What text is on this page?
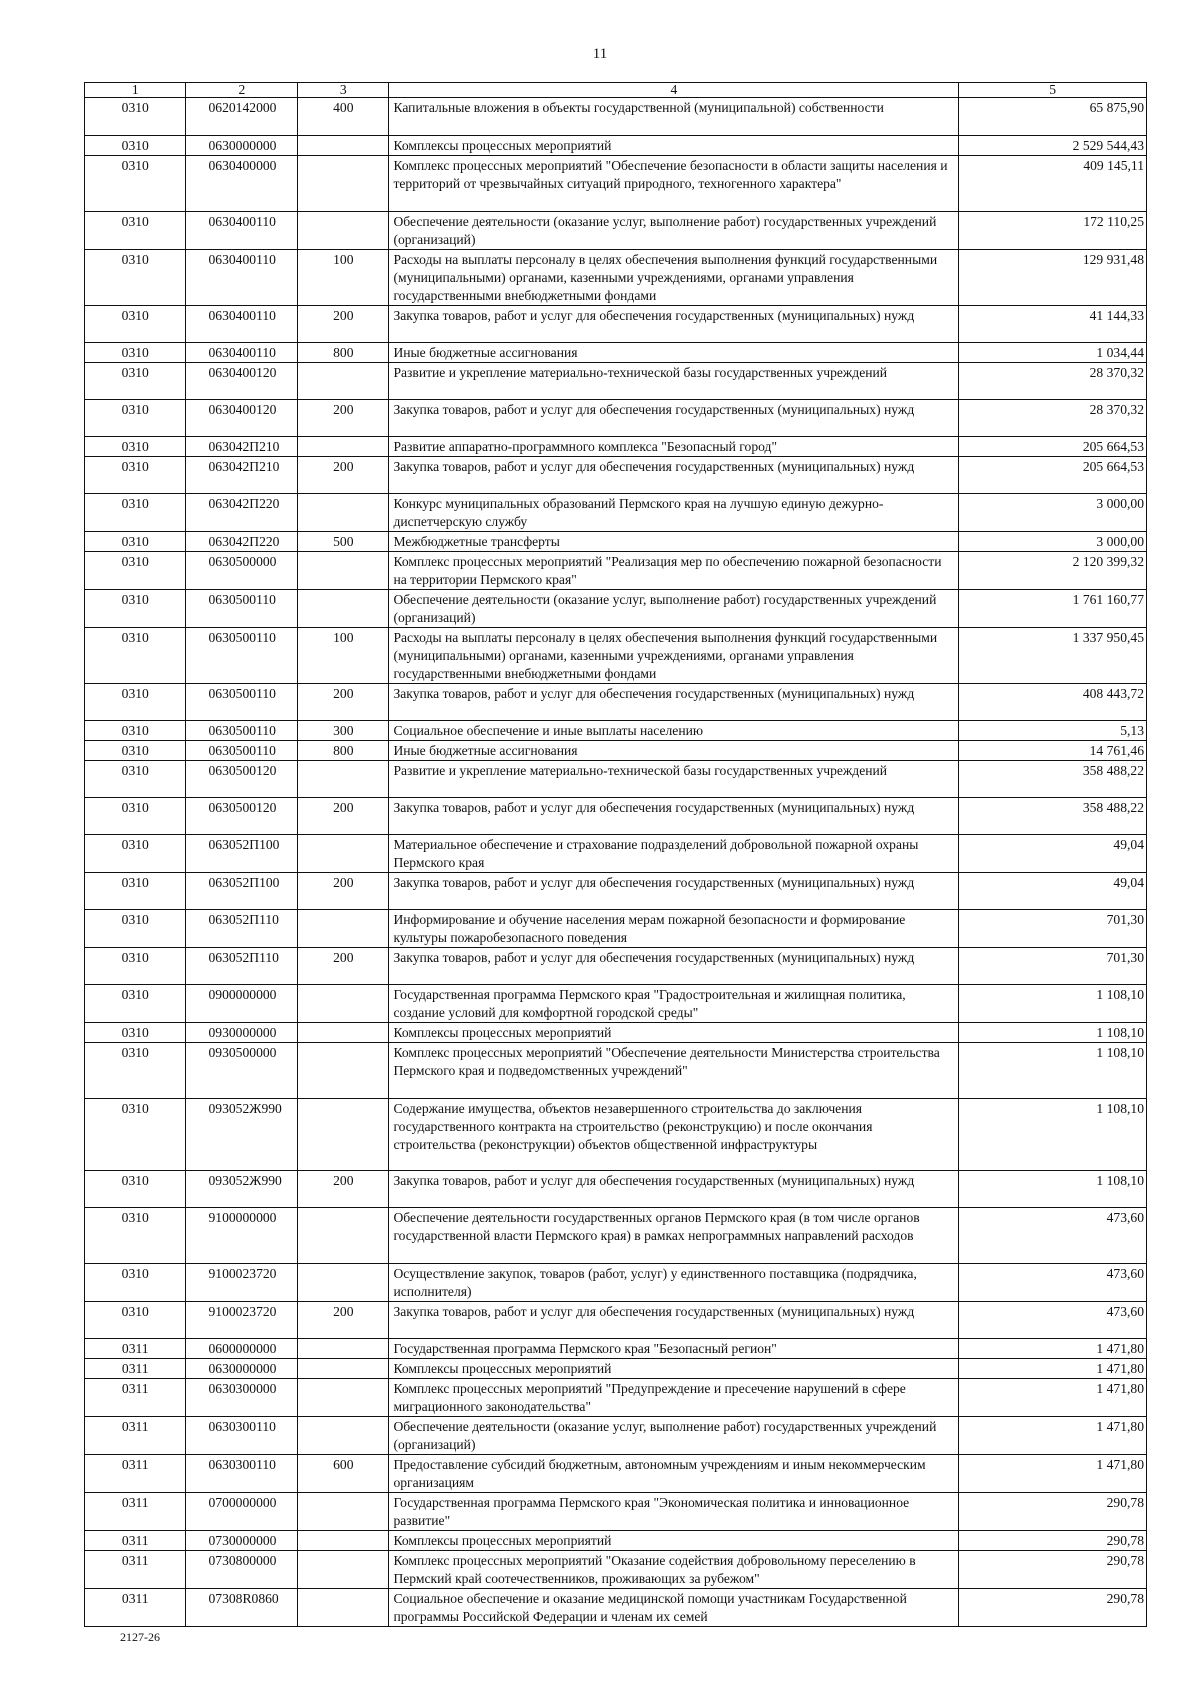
11
1	2	3	4	5
0310	0620142000	400	Капитальные вложения в объекты государственной (муниципальной) собственности	65 875,90
0310	0630000000		Комплексы процессных мероприятий	2 529 544,43
0310	0630400000		Комплекс процессных мероприятий "Обеспечение безопасности в области защиты населения и территорий от чрезвычайных ситуаций природного, техногенного характера"	409 145,11
0310	0630400110		Обеспечение деятельности (оказание услуг, выполнение работ) государственных учреждений (организаций)	172 110,25
0310	0630400110	100	Расходы на выплаты персоналу в целях обеспечения выполнения функций государственными (муниципальными) органами, казенными учреждениями, органами управления государственными внебюджетными фондами	129 931,48
0310	0630400110	200	Закупка товаров, работ и услуг для обеспечения государственных (муниципальных) нужд	41 144,33
0310	0630400110	800	Иные бюджетные ассигнования	1 034,44
0310	0630400120		Развитие и укрепление материально-технической базы государственных учреждений	28 370,32
0310	0630400120	200	Закупка товаров, работ и услуг для обеспечения государственных (муниципальных) нужд	28 370,32
0310	063042П210		Развитие аппаратно-программного комплекса "Безопасный город"	205 664,53
0310	063042П210	200	Закупка товаров, работ и услуг для обеспечения государственных (муниципальных) нужд	205 664,53
0310	063042П220		Конкурс муниципальных образований Пермского края на лучшую единую дежурно-диспетчерскую службу	3 000,00
0310	063042П220	500	Межбюджетные трансферты	3 000,00
0310	0630500000		Комплекс процессных мероприятий "Реализация мер по обеспечению пожарной безопасности на территории Пермского края"	2 120 399,32
0310	0630500110		Обеспечение деятельности (оказание услуг, выполнение работ) государственных учреждений (организаций)	1 761 160,77
0310	0630500110	100	Расходы на выплаты персоналу в целях обеспечения выполнения функций государственными (муниципальными) органами, казенными учреждениями, органами управления государственными внебюджетными фондами	1 337 950,45
0310	0630500110	200	Закупка товаров, работ и услуг для обеспечения государственных (муниципальных) нужд	408 443,72
0310	0630500110	300	Социальное обеспечение и иные выплаты населению	5,13
0310	0630500110	800	Иные бюджетные ассигнования	14 761,46
0310	0630500120		Развитие и укрепление материально-технической базы государственных учреждений	358 488,22
0310	0630500120	200	Закупка товаров, работ и услуг для обеспечения государственных (муниципальных) нужд	358 488,22
0310	063052П100		Материальное обеспечение и страхование подразделений добровольной пожарной охраны Пермского края	49,04
0310	063052П100	200	Закупка товаров, работ и услуг для обеспечения государственных (муниципальных) нужд	49,04
0310	063052П110		Информирование и обучение населения мерам пожарной безопасности и формирование культуры пожаробезопасного поведения	701,30
0310	063052П110	200	Закупка товаров, работ и услуг для обеспечения государственных (муниципальных) нужд	701,30
0310	0900000000		Государственная программа Пермского края "Градостроительная и жилищная политика, создание условий для комфортной городской среды"	1 108,10
0310	0930000000		Комплексы процессных мероприятий	1 108,10
0310	0930500000		Комплекс процессных мероприятий "Обеспечение деятельности Министерства строительства Пермского края и подведомственных учреждений"	1 108,10
0310	093052Ж990		Содержание имущества, объектов незавершенного строительства до заключения государственного контракта на строительство (реконструкцию) и после окончания строительства (реконструкции) объектов общественной инфраструктуры	1 108,10
0310	093052Ж990	200	Закупка товаров, работ и услуг для обеспечения государственных (муниципальных) нужд	1 108,10
0310	9100000000		Обеспечение деятельности государственных органов Пермского края (в том числе органов государственной власти Пермского края) в рамках непрограммных направлений расходов	473,60
0310	9100023720		Осуществление закупок, товаров (работ, услуг) у единственного поставщика (подрядчика, исполнителя)	473,60
0310	9100023720	200	Закупка товаров, работ и услуг для обеспечения государственных (муниципальных) нужд	473,60
0311	0600000000		Государственная программа Пермского края "Безопасный регион"	1 471,80
0311	0630000000		Комплексы процессных мероприятий	1 471,80
0311	0630300000		Комплекс процессных мероприятий "Предупреждение и пресечение нарушений в сфере миграционного законодательства"	1 471,80
0311	0630300110		Обеспечение деятельности (оказание услуг, выполнение работ) государственных учреждений (организаций)	1 471,80
0311	0630300110	600	Предоставление субсидий бюджетным, автономным учреждениям и иным некоммерческим организациям	1 471,80
0311	0700000000		Государственная программа Пермского края "Экономическая политика и инновационное развитие"	290,78
0311	0730000000		Комплексы процессных мероприятий	290,78
0311	0730800000		Комплекс процессных мероприятий "Оказание содействия добровольному переселению в Пермский край соотечественников, проживающих за рубежом"	290,78
0311	07308R0860		Социальное обеспечение и оказание медицинской помощи участникам Государственной программы Российской Федерации и членам их семей	290,78
2127-26
